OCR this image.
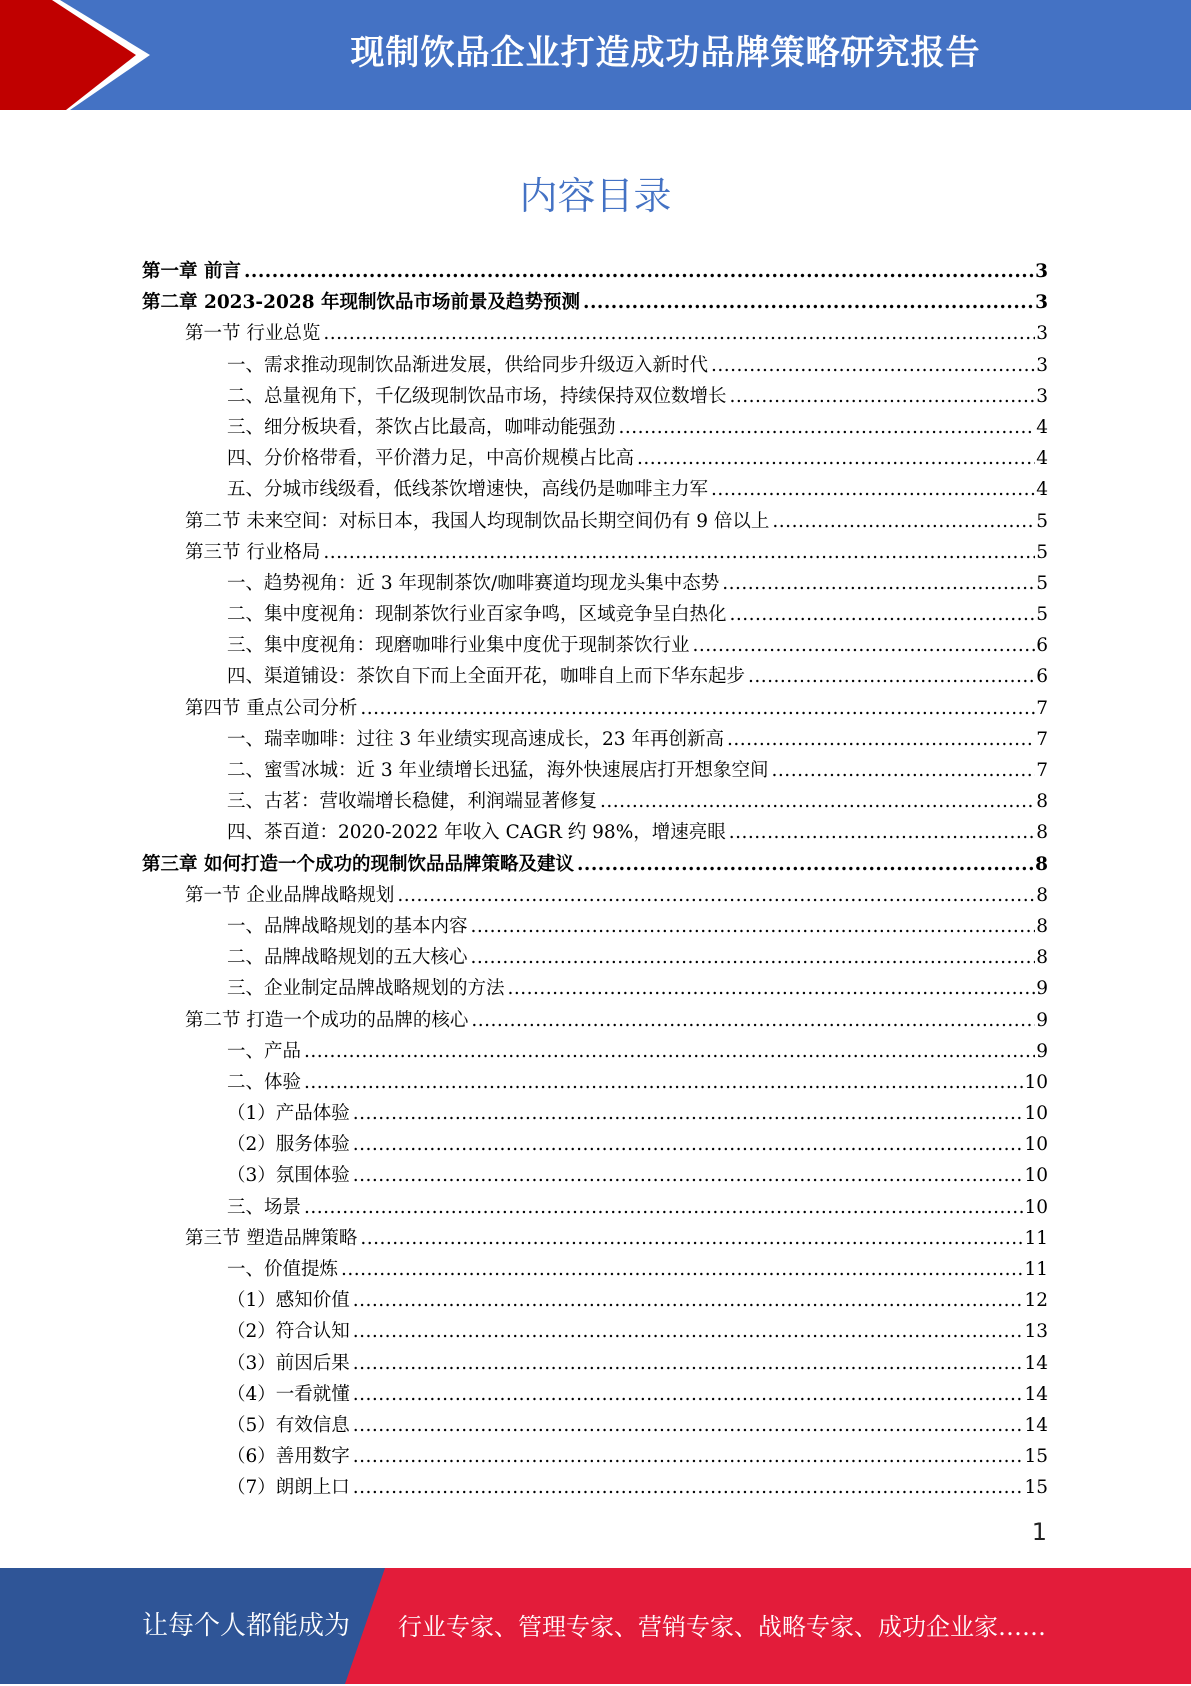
现制饮品企业打造成功品牌策略研究报告
内容目录
第一章 前言 .....	3
第二章 2023-2028 年现制饮品市场前景及趋势预测 .....	3
第一节 行业总览 .....	3
一、需求推动现制饮品渐进发展，供给同步升级迈入新时代 .....	3
二、总量视角下，千亿级现制饮品市场，持续保持双位数增长 .....	3
三、细分板块看，茶饮占比最高，咖啡动能强劲 .....	4
四、分价格带看，平价潜力足，中高价规模占比高 .....	4
五、分城市线级看，低线茶饮增速快，高线仍是咖啡主力军 .....	4
第二节 未来空间：对标日本，我国人均现制饮品长期空间仍有 9 倍以上 .....	5
第三节 行业格局 .....	5
一、趋势视角：近 3 年现制茶饮/咖啡赛道均现龙头集中态势 .....	5
二、集中度视角：现制茶饮行业百家争鸣，区域竞争呈白热化 .....	5
三、集中度视角：现磨咖啡行业集中度优于现制茶饮行业 .....	6
四、渠道铺设：茶饮自下而上全面开花，咖啡自上而下华东起步 .....	6
第四节 重点公司分析 .....	7
一、瑞幸咖啡：过往 3 年业绩实现高速成长，23 年再创新高 .....	7
二、蜜雪冰城：近 3 年业绩增长迅猛，海外快速展店打开想象空间 .....	7
三、古茗：营收端增长稳健，利润端显著修复 .....	8
四、茶百道：2020-2022 年收入 CAGR 约 98%，增速亮眼 .....	8
第三章 如何打造一个成功的现制饮品品牌策略及建议 .....	8
第一节 企业品牌战略规划 .....	8
一、品牌战略规划的基本内容 .....	8
二、品牌战略规划的五大核心 .....	8
三、企业制定品牌战略规划的方法 .....	9
第二节 打造一个成功的品牌的核心 .....	9
一、产品 .....	9
二、体验 .....	10
（1）产品体验 .....	10
（2）服务体验 .....	10
（3）氛围体验 .....	10
三、场景 .....	10
第三节 塑造品牌策略 .....	11
一、价值提炼 .....	11
（1）感知价值 .....	12
（2）符合认知 .....	13
（3）前因后果 .....	14
（4）一看就懂 .....	14
（5）有效信息 .....	14
（6）善用数字 .....	15
（7）朗朗上口 .....	15
1
让每个人都能成为 行业专家、管理专家、营销专家、战略专家、成功企业家……
